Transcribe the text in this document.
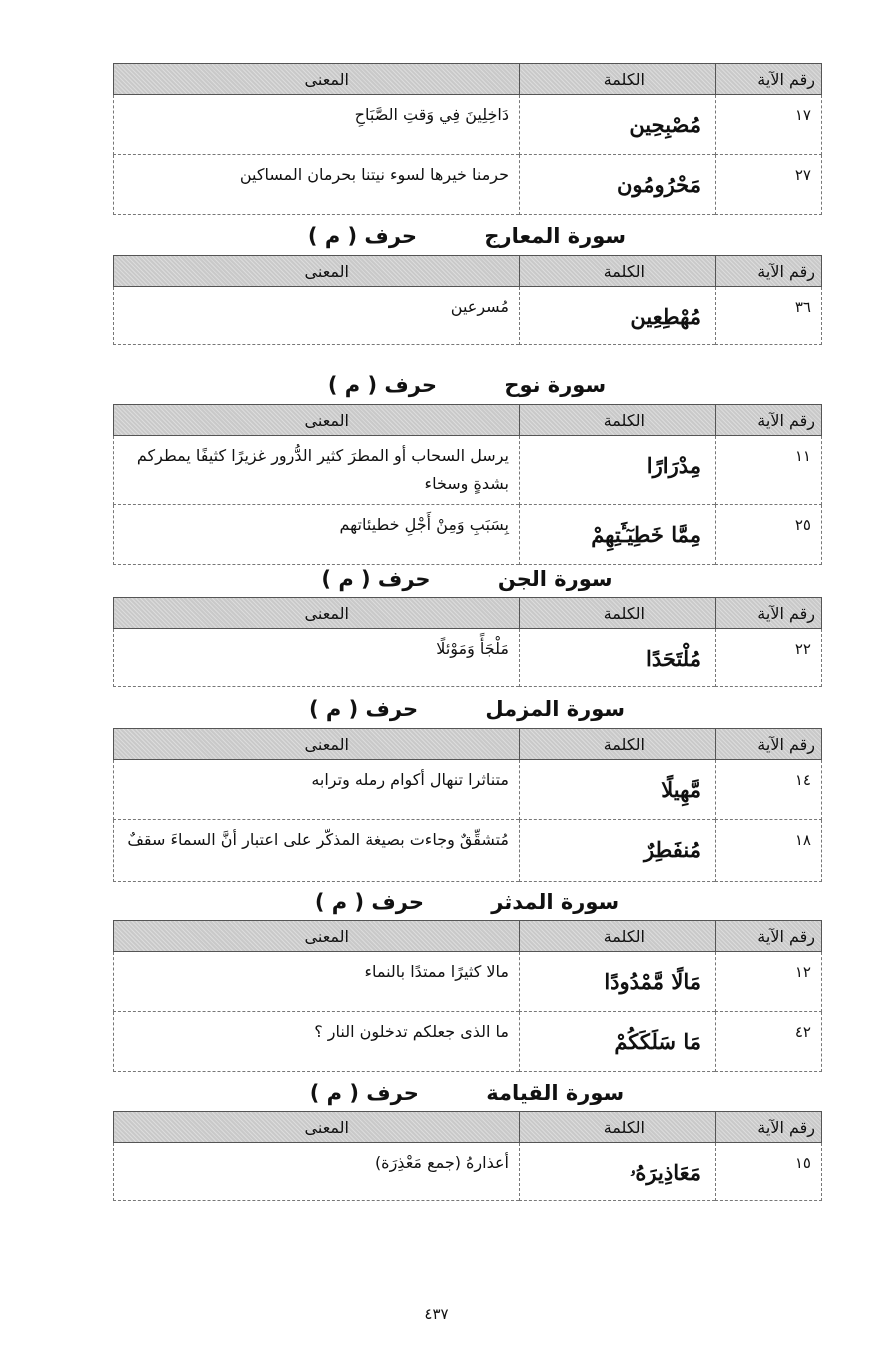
رقم الآية	الكلمة	المعنى
١٧	مُصْبِحِين	دَاخِلِينَ فِي وَقتِ الصَّبَاحِ
٢٧	مَحْرُومُون	حرمنا خيرها لسوء نيتنا بحرمان المساكين
سورة المعارج حرف ( م )
رقم الآية	الكلمة	المعنى
٣٦	مُهْطِعِين	مُسرعين
سورة نوح حرف ( م )
رقم الآية	الكلمة	المعنى
١١	مِدْرَارًا	يرسل السحاب أو المطرَ كثير الدُّرور غزيرًا كثيفًا يمطركم بشدةٍ وسخاء
٢٥	مِمَّا خَطِيٓـَٔتِهِمْ	بِسَبَبِ وَمِنْ أَجْلِ خطيئاتهم
سورة الجن حرف ( م )
رقم الآية	الكلمة	المعنى
٢٢	مُلْتَحَدًا	مَلْجَأً وَمَوْئلًا
سورة المزمل حرف ( م )
رقم الآية	الكلمة	المعنى
١٤	مَّهِيلًا	متناثرا تنهال أكوام رمله وترابه
١٨	مُنفَطِرٌ	مُتشقِّقٌ وجاءت بصيغة المذكّر على اعتبار أنَّ السماءَ سقفٌ
سورة المدثر حرف ( م )
رقم الآية	الكلمة	المعنى
١٢	مَالًا مَّمْدُودًا	مالا كثيرًا ممتدًا بالنماء
٤٢	مَا سَلَكَكُمْ	ما الذى جعلكم تدخلون النار ؟
سورة القيامة حرف ( م )
رقم الآية	الكلمة	المعنى
١٥	مَعَاذِيرَهُۥ	أعذارهُ (جمع مَعْذِرَة)
٤٣٧
